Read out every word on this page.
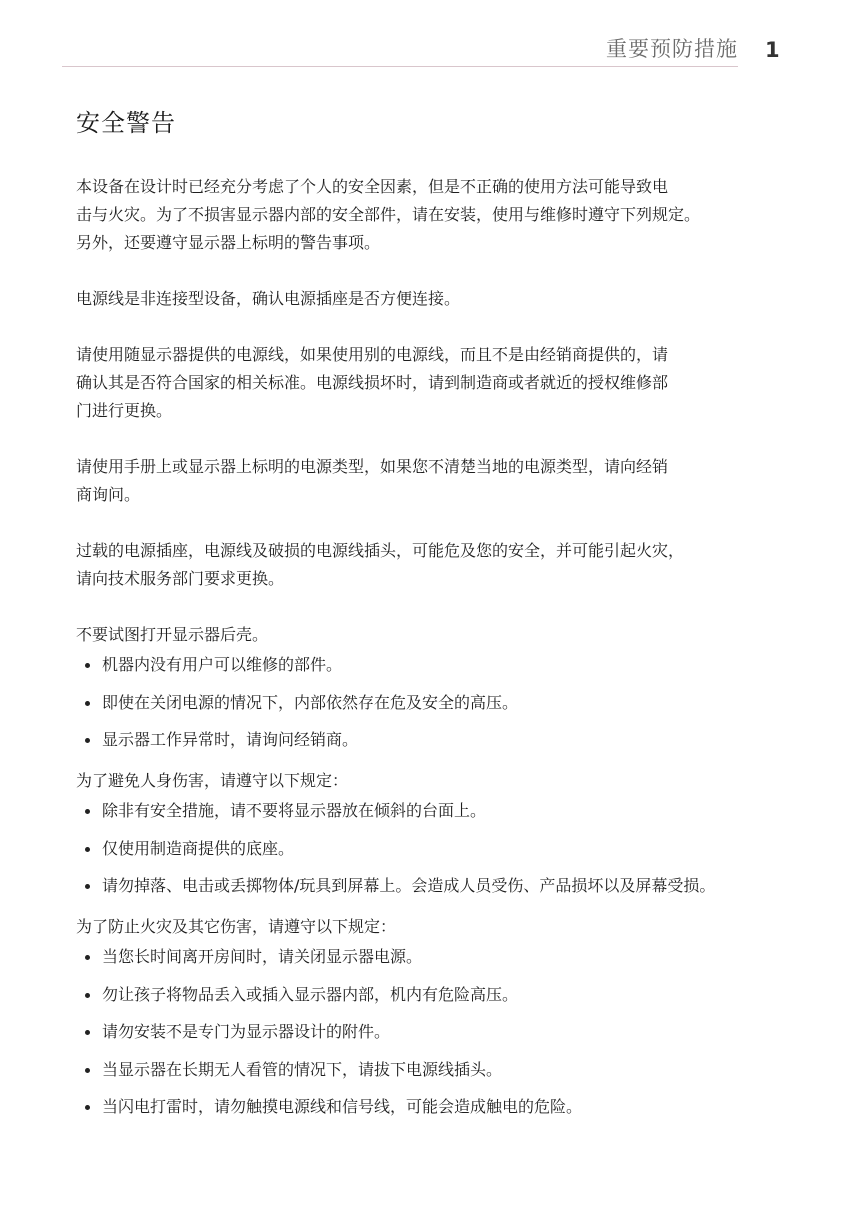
重要预防措施 1
安全警告

本设备在设计时已经充分考虑了个人的安全因素，但是不正确的使用方法可能导致电
击与火灾。为了不损害显示器内部的安全部件，请在安装，使用与维修时遵守下列规定。
另外，还要遵守显示器上标明的警告事项。

电源线是非连接型设备，确认电源插座是否方便连接。

请使用随显示器提供的电源线，如果使用别的电源线，而且不是由经销商提供的，请
确认其是否符合国家的相关标准。电源线损坏时，请到制造商或者就近的授权维修部
门进行更换。

请使用手册上或显示器上标明的电源类型，如果您不清楚当地的电源类型，请向经销
商询问。

过载的电源插座，电源线及破损的电源线插头，可能危及您的安全，并可能引起火灾，
请向技术服务部门要求更换。

不要试图打开显示器后壳。

机器内没有用户可以维修的部件。
即使在关闭电源的情况下，内部依然存在危及安全的高压。
显示器工作异常时，请询问经销商。

为了避免人身伤害，请遵守以下规定：

除非有安全措施，请不要将显示器放在倾斜的台面上。
仅使用制造商提供的底座。
请勿掉落、电击或丢掷物体/玩具到屏幕上。会造成人员受伤、产品损坏以及屏幕受损。

为了防止火灾及其它伤害，请遵守以下规定：

当您长时间离开房间时，请关闭显示器电源。
勿让孩子将物品丢入或插入显示器内部，机内有危险高压。
请勿安装不是专门为显示器设计的附件。
当显示器在长期无人看管的情况下，请拔下电源线插头。
当闪电打雷时，请勿触摸电源线和信号线，可能会造成触电的危险。
